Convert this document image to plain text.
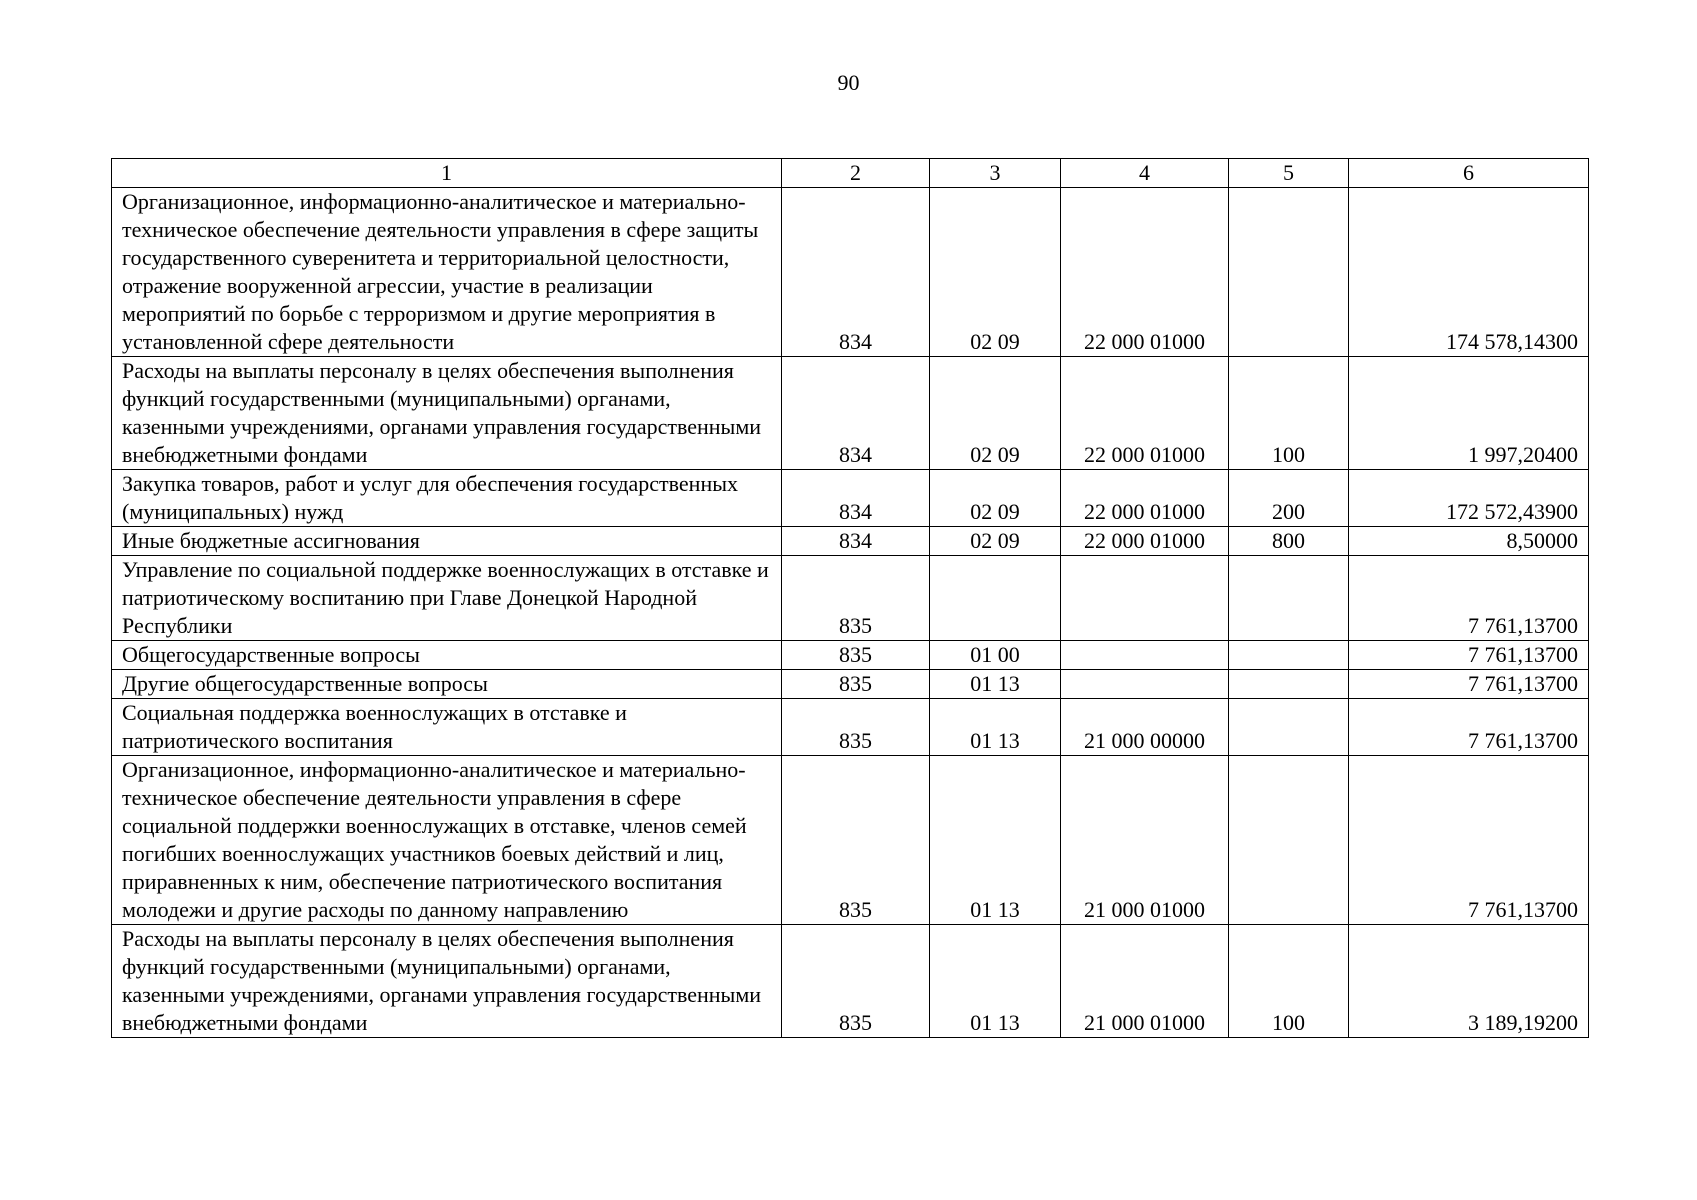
90
1	2	3	4	5	6
Организационное, информационно-аналитическое и материально-техническое обеспечение деятельности управления в сфере защиты государственного суверенитета и территориальной целостности, отражение вооруженной агрессии, участие в реализации мероприятий по борьбе с терроризмом и другие мероприятия в установленной сфере деятельности	834	02 09	22 000 01000		174 578,14300
Расходы на выплаты персоналу в целях обеспечения выполнения функций государственными (муниципальными) органами, казенными учреждениями, органами управления государственными внебюджетными фондами	834	02 09	22 000 01000	100	1 997,20400
Закупка товаров, работ и услуг для обеспечения государственных (муниципальных) нужд	834	02 09	22 000 01000	200	172 572,43900
Иные бюджетные ассигнования	834	02 09	22 000 01000	800	8,50000
Управление по социальной поддержке военнослужащих в отставке и патриотическому воспитанию при Главе Донецкой Народной Республики	835				7 761,13700
Общегосударственные вопросы	835	01 00			7 761,13700
Другие общегосударственные вопросы	835	01 13			7 761,13700
Социальная поддержка военнослужащих в отставке и патриотического воспитания	835	01 13	21 000 00000		7 761,13700
Организационное, информационно-аналитическое и материально-техническое обеспечение деятельности управления в сфере социальной поддержки военнослужащих в отставке, членов семей погибших военнослужащих участников боевых действий и лиц, приравненных к ним, обеспечение патриотического воспитания молодежи и другие расходы по данному направлению	835	01 13	21 000 01000		7 761,13700
Расходы на выплаты персоналу в целях обеспечения выполнения функций государственными (муниципальными) органами, казенными учреждениями, органами управления государственными внебюджетными фондами	835	01 13	21 000 01000	100	3 189,19200
